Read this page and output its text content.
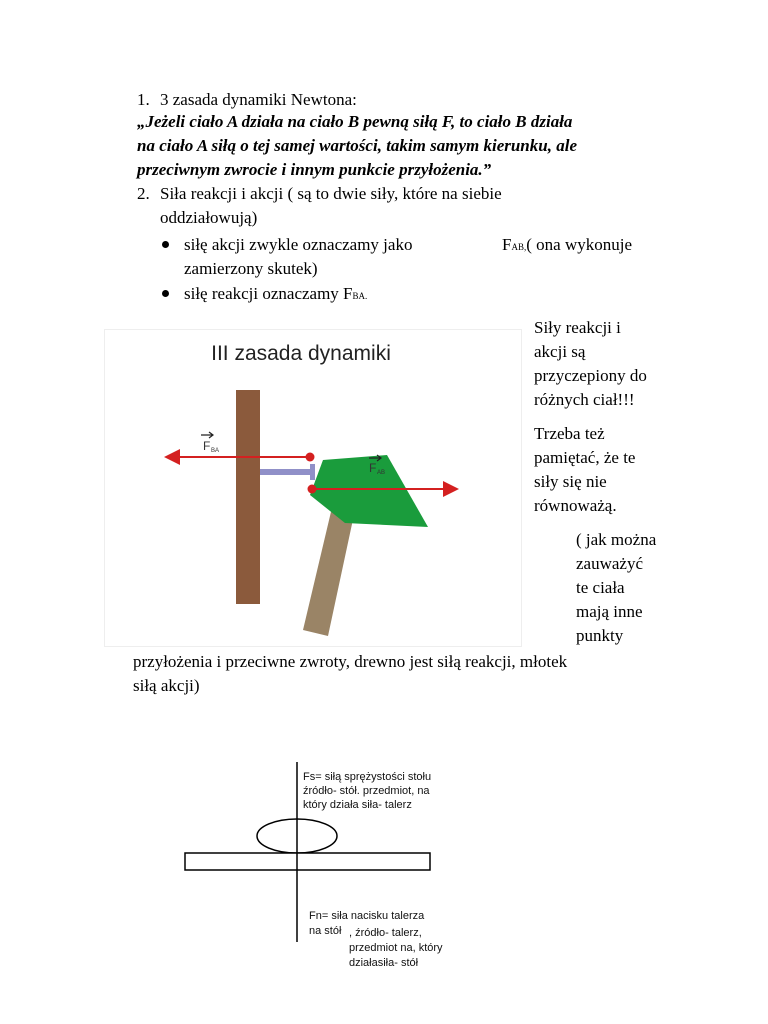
1. 3 zasada dynamiki Newtona:
„Jeżeli ciało A działa na ciało B pewną siłą F, to ciało B działa
na ciało A siłą o tej samej wartości, takim samym kierunku, ale
przeciwnym zwrocie i innym punkcie przyłożenia.”
2. Siła reakcji i akcji ( są to dwie siły, które na siebie
oddziałowują)
siłę akcji zwykle oznaczamy jako	FAB,( ona wykonuje
zamierzony skutek)
siłę reakcji oznaczamy FBA.
III zasada dynamiki
F BA
F AB
Siły reakcji i
akcji są
przyczepiony do
różnych ciał!!!
Trzeba też
pamiętać, że te
siły się nie
równoważą.
( jak można
zauważyć
te ciała
mają inne
punkty
przyłożenia i przeciwne zwroty, drewno jest siłą reakcji, młotek
siłą akcji)
Fs= siłą sprężystości stołu
źródło- stół. przedmiot, na
który działa siła- talerz
Fn= siła nacisku talerza
na stół , źródło- talerz,
przedmiot na, który
działasiła- stół
